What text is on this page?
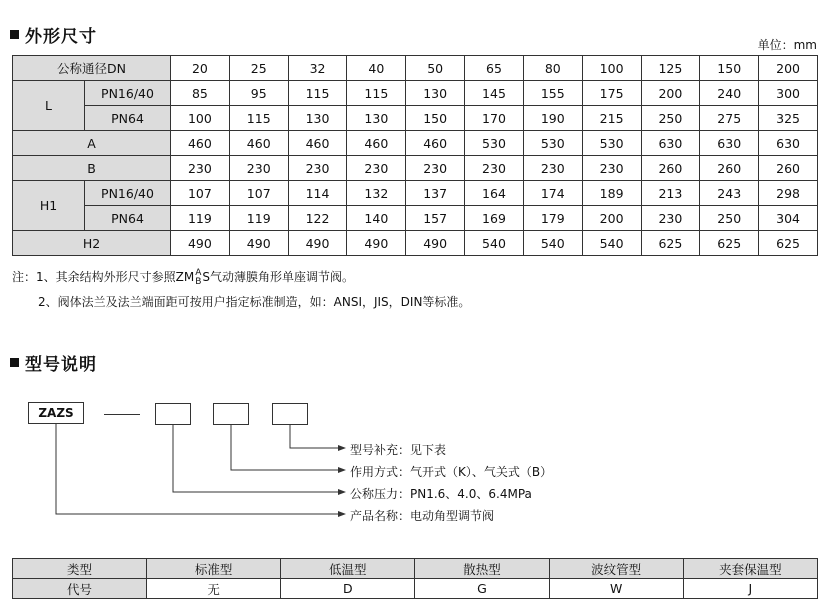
外形尺寸	单位：mm
公称通径DN		20	25	32	40	50	65	80	100	125	150	200
L	PN16/40	85	95	115	115	130	145	155	175	200	240	300
	PN64	100	115	130	130	150	170	190	215	250	275	325
A		460	460	460	460	460	530	530	530	630	630	630
B		230	230	230	230	230	230	230	230	260	260	260
H1	PN16/40	107	107	114	132	137	164	174	189	213	243	298
	PN64	119	119	122	140	157	169	179	200	230	250	304
H2		490	490	490	490	490	540	540	540	625	625	625
注：1、其余结构外形尺寸参照ZM A
B S气动薄膜角形单座调节阀。
2、阀体法兰及法兰端面距可按用户指定标准制造，如：ANSI，JIS，DIN等标准。
型号说明
ZAZS
型号补充：见下表
作用方式：气开式（K）、气关式（B）
公称压力：PN1.6、4.0、6.4MPa
产品名称：电动角型调节阀
类型	标准型	低温型	散热型	波纹管型	夹套保温型
代号	无	D	G	W	J
